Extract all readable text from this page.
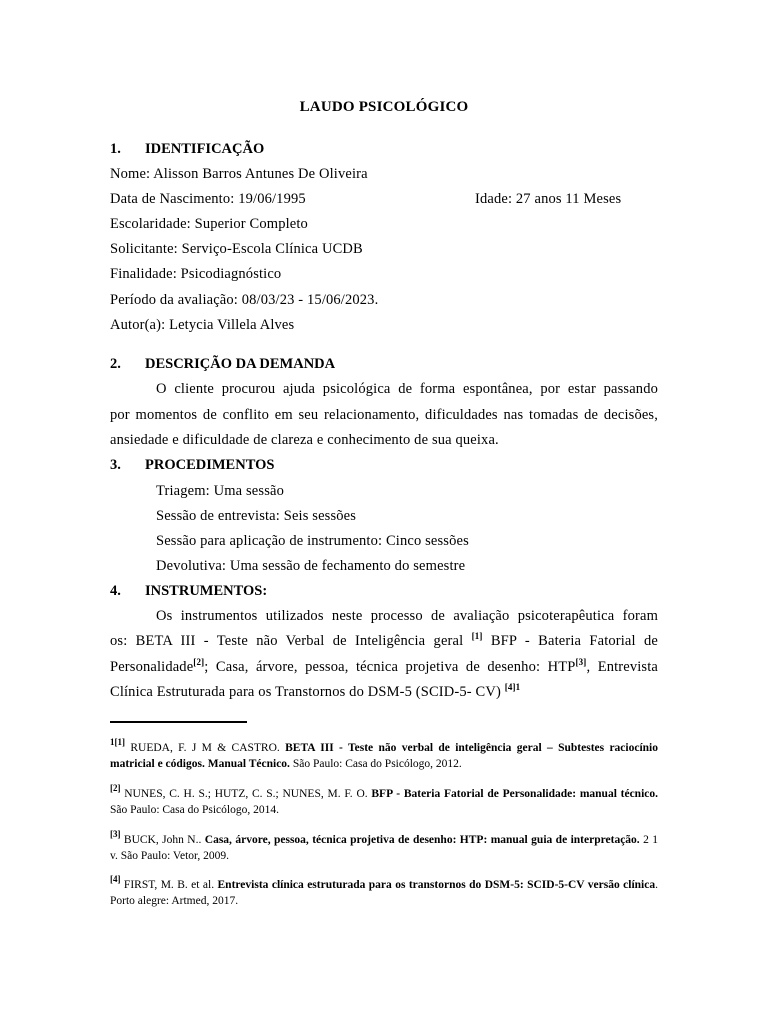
LAUDO PSICOLÓGICO
1. IDENTIFICAÇÃO
Nome: Alisson Barros Antunes De Oliveira
Data de Nascimento: 19/06/1995	Idade: 27 anos 11 Meses
Escolaridade: Superior Completo
Solicitante: Serviço-Escola Clínica UCDB
Finalidade: Psicodiagnóstico
Período da avaliação: 08/03/23 - 15/06/2023.
Autor(a): Letycia Villela Alves
2. DESCRIÇÃO DA DEMANDA
O cliente procurou ajuda psicológica de forma espontânea, por estar passando
por momentos de conflito em seu relacionamento, dificuldades nas tomadas de decisões,
ansiedade e dificuldade de clareza e conhecimento de sua queixa.
3. PROCEDIMENTOS
Triagem: Uma sessão
Sessão de entrevista: Seis sessões
Sessão para aplicação de instrumento: Cinco sessões
Devolutiva: Uma sessão de fechamento do semestre
4. INSTRUMENTOS:
Os instrumentos utilizados neste processo de avaliação psicoterapêutica foram
os: BETA III - Teste não Verbal de Inteligência geral [1] BFP - Bateria Fatorial de
Personalidade[2]; Casa, árvore, pessoa, técnica projetiva de desenho: HTP[3], Entrevista
Clínica Estruturada para os Transtornos do DSM-5 (SCID-5- CV) $^{[4]1}$
$^{1[1]}$ RUEDA, F. J M & CASTRO. BETA III - Teste não verbal de inteligência geral – Subtestes raciocínio matricial e códigos. Manual Técnico. São Paulo: Casa do Psicólogo, 2012.
[2] NUNES, C. H. S.; HUTZ, C. S.; NUNES, M. F. O. BFP - Bateria Fatorial de Personalidade: manual técnico. São Paulo: Casa do Psicólogo, 2014.
[3] BUCK, John N.. Casa, árvore, pessoa, técnica projetiva de desenho: HTP: manual guia de interpretação. 2 1 v. São Paulo: Vetor, 2009.
[4] FIRST, M. B. et al. Entrevista clínica estruturada para os transtornos do DSM-5: SCID-5-CV versão clínica. Porto alegre: Artmed, 2017.
